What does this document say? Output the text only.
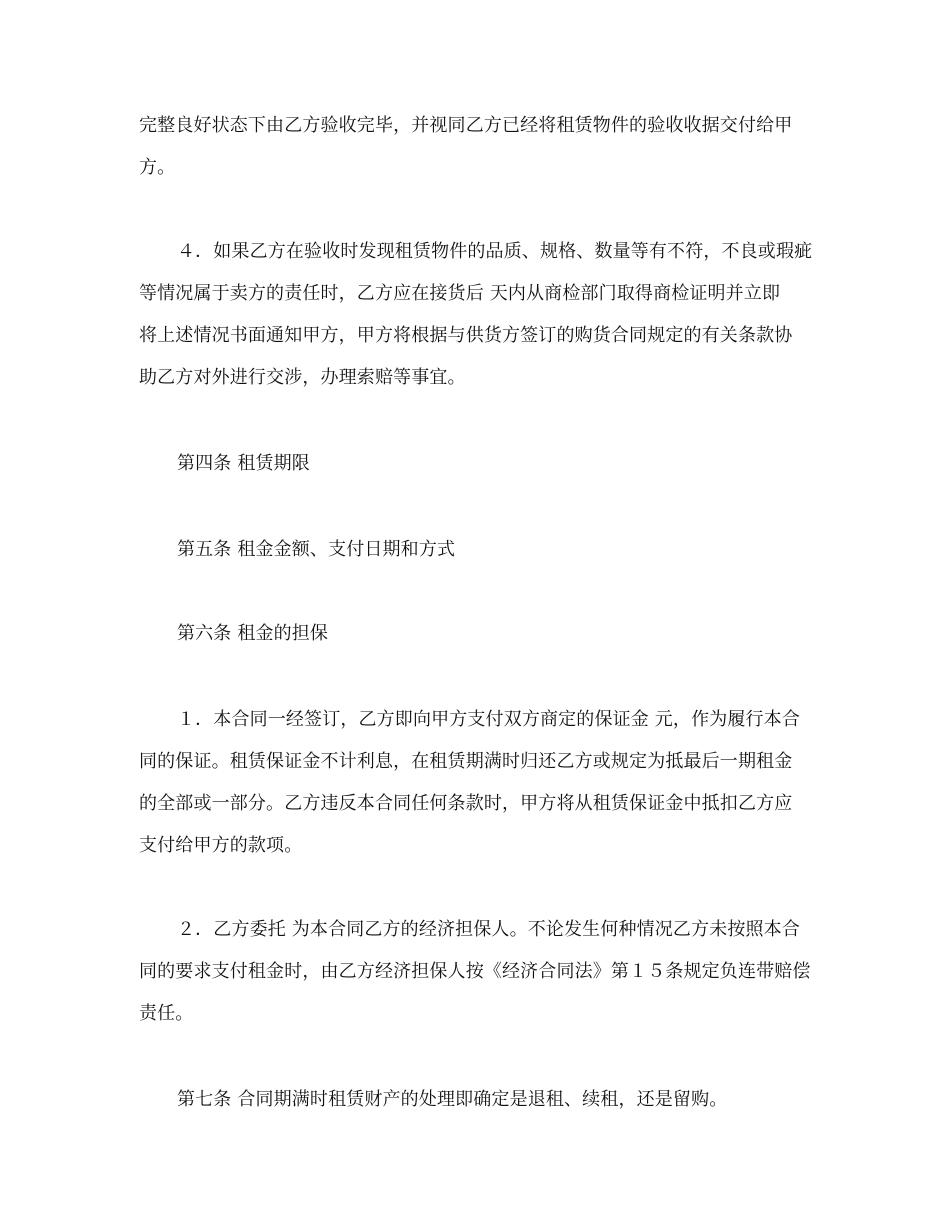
完整良好状态下由乙方验收完毕，并视同乙方已经将租赁物件的验收收据交付给甲
方。
４．如果乙方在验收时发现租赁物件的品质、规格、数量等有不符，不良或瑕疵
等情况属于卖方的责任时，乙方应在接货后 天内从商检部门取得商检证明并立即
将上述情况书面通知甲方，甲方将根据与供货方签订的购货合同规定的有关条款协
助乙方对外进行交涉，办理索赔等事宜。
第四条 租赁期限
第五条 租金金额、支付日期和方式
第六条 租金的担保
１．本合同一经签订，乙方即向甲方支付双方商定的保证金 元，作为履行本合
同的保证。租赁保证金不计利息，在租赁期满时归还乙方或规定为抵最后一期租金
的全部或一部分。乙方违反本合同任何条款时，甲方将从租赁保证金中抵扣乙方应
支付给甲方的款项。
２．乙方委托 为本合同乙方的经济担保人。不论发生何种情况乙方未按照本合
同的要求支付租金时，由乙方经济担保人按《经济合同法》第１５条规定负连带赔偿
责任。
第七条 合同期满时租赁财产的处理即确定是退租、续租，还是留购。
